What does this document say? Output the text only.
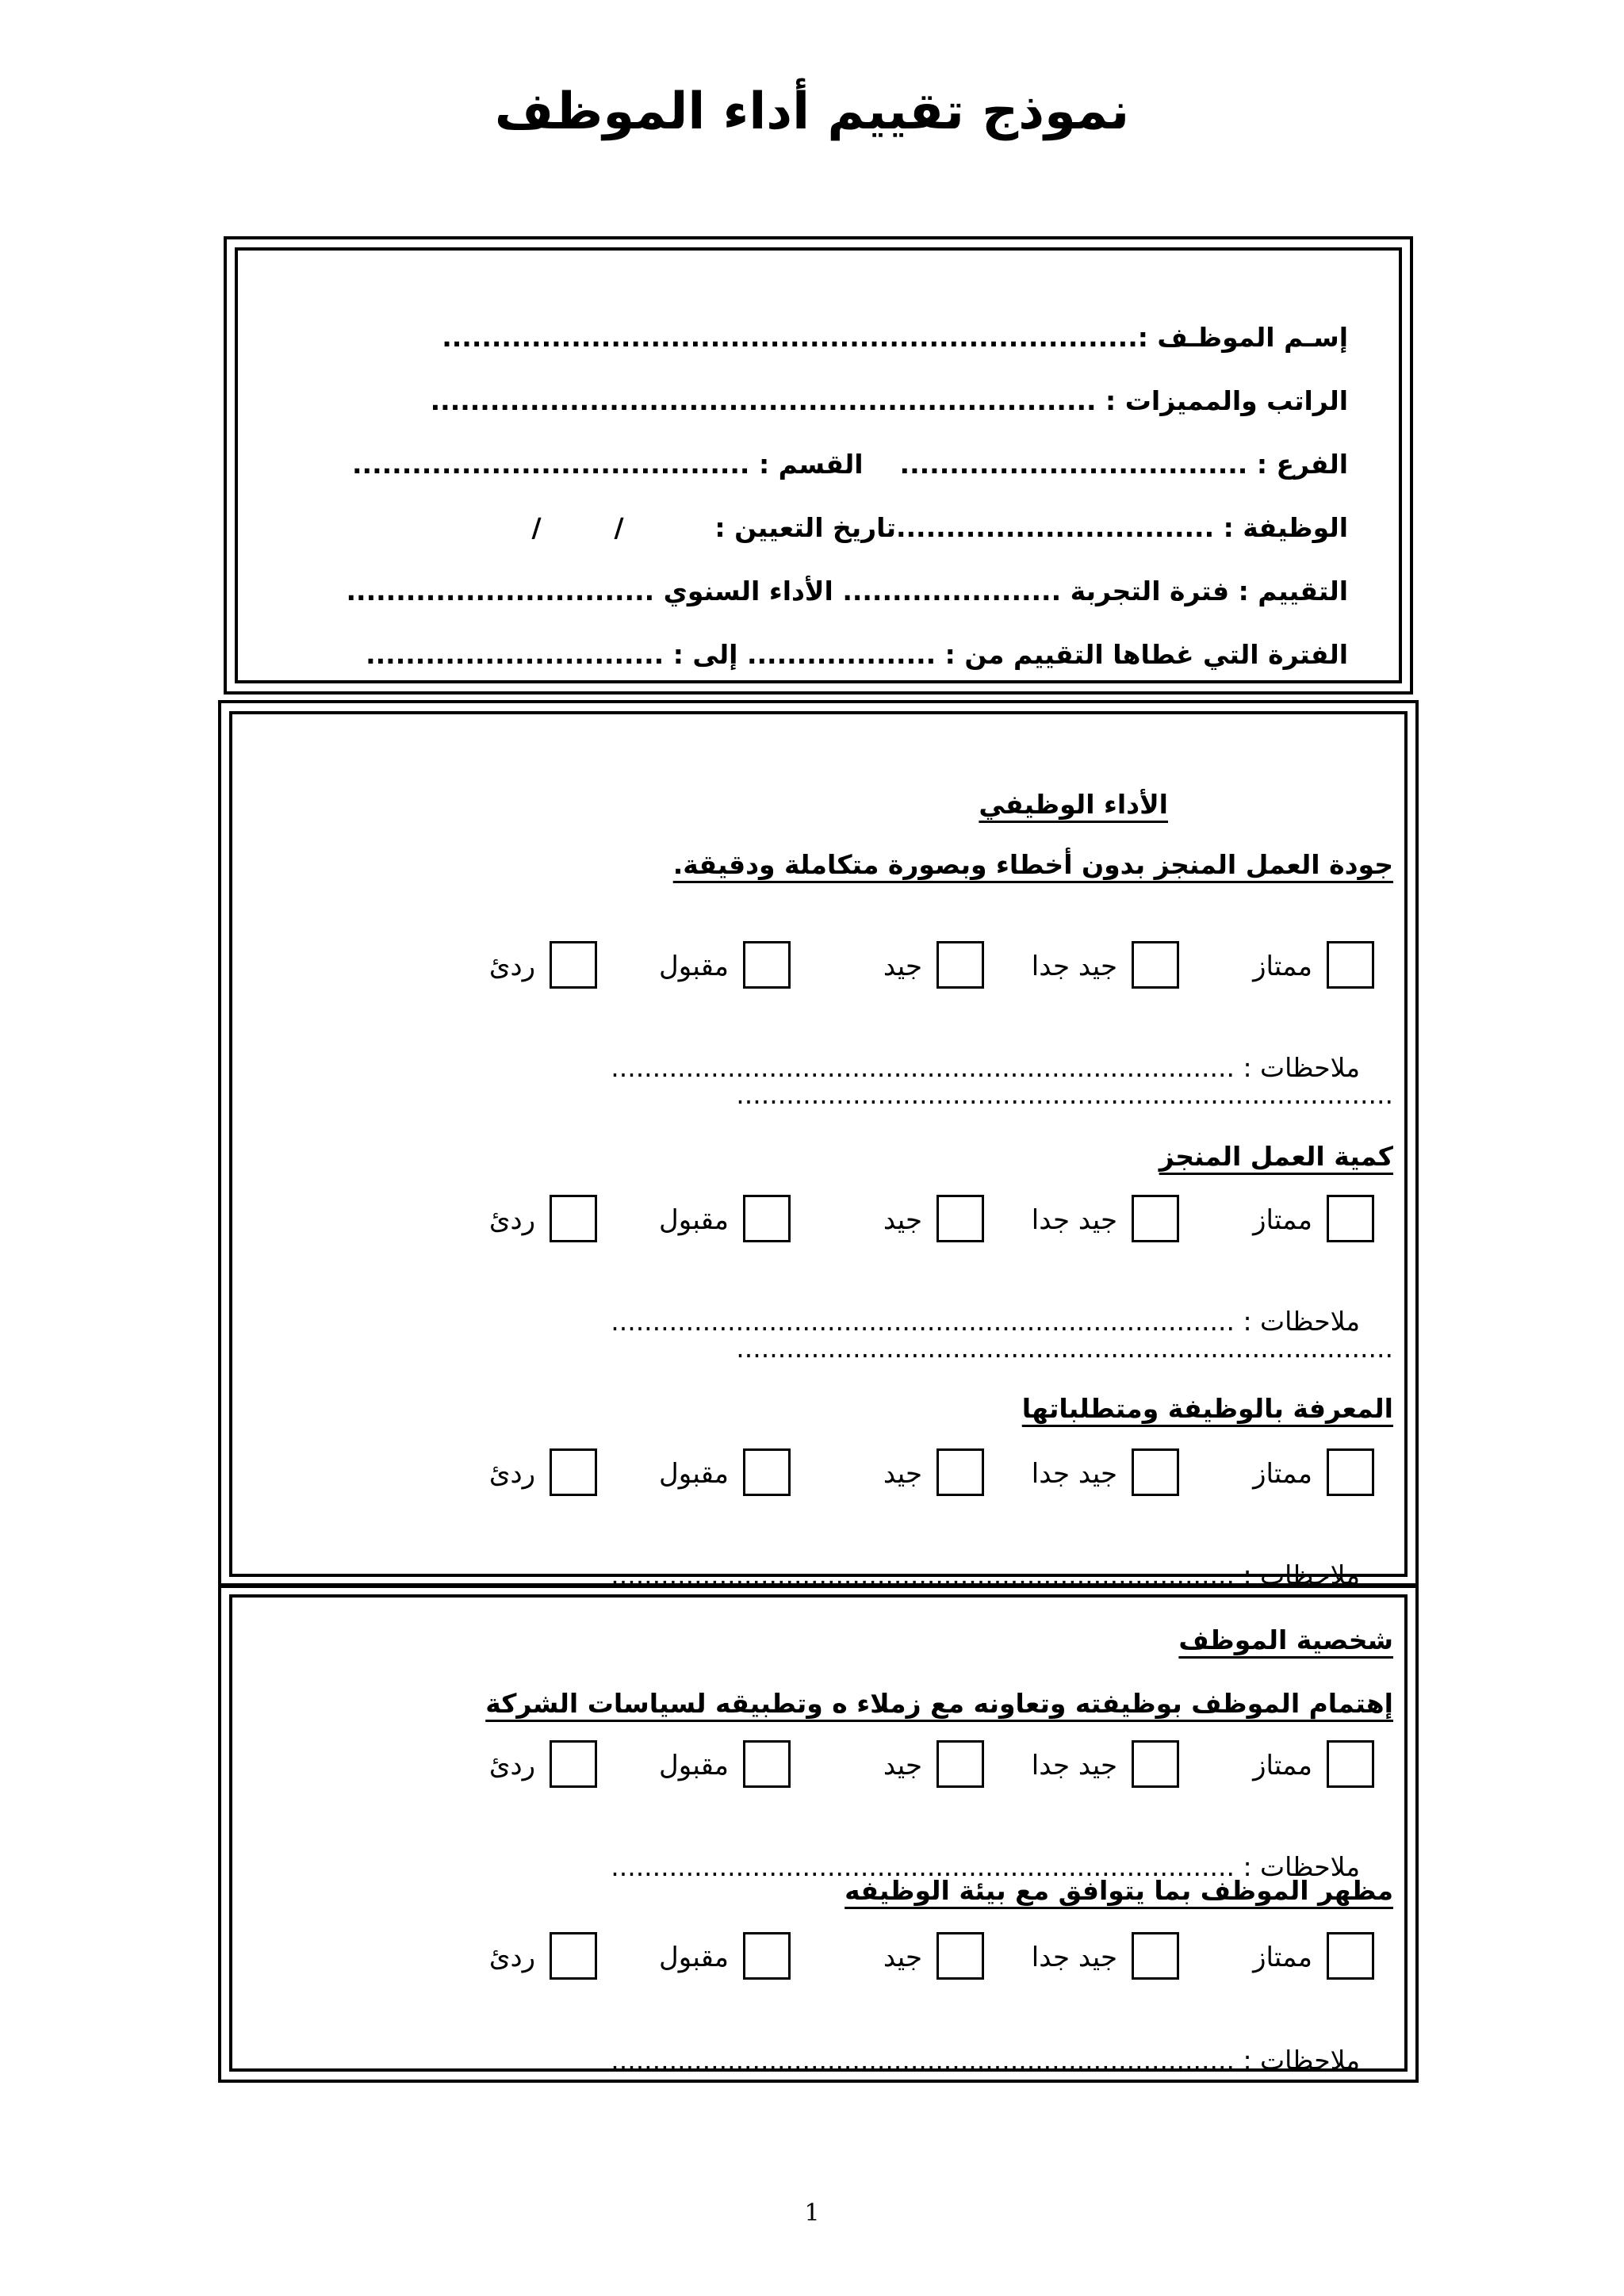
نموذج تقييم أداء الموظف

إسـم الموظـف :......................................................................

الراتب والمميزات : ...................................................................

الفرع : ...................................    القسم : ........................................

الوظيفة : ................................تاريخ التعيين :          /        /

التقييم : فترة التجربة ...................... الأداء السنوي ...............................

الفترة التي غطاها التقييم من : ................... إلى : ..............................

الأداء الوظيفي
جودة العمل المنجز بدون أخطاء وبصورة متكاملة ودقيقة.
ممتاز
جيد جدا
جيد
مقبول
ردئ

ملاحظات : ...........................................................................

...............................................................................
كمية العمل المنجز
ممتاز
جيد جدا
جيد
مقبول
ردئ

ملاحظات : ...........................................................................

...............................................................................
المعرفة بالوظيفة ومتطلباتها
ممتاز
جيد جدا
جيد
مقبول
ردئ

ملاحظات : ...........................................................................

شخصية الموظف
إهتمام الموظف بوظيفته وتعاونه مع زملاء ه وتطبيقه لسياسات الشركة
ممتاز
جيد جدا
جيد
مقبول
ردئ

ملاحظات : ...........................................................................

مظهر الموظف بما يتوافق مع بيئة الوظيفه
ممتاز
جيد جدا
جيد
مقبول
ردئ

ملاحظات : ...........................................................................

1
